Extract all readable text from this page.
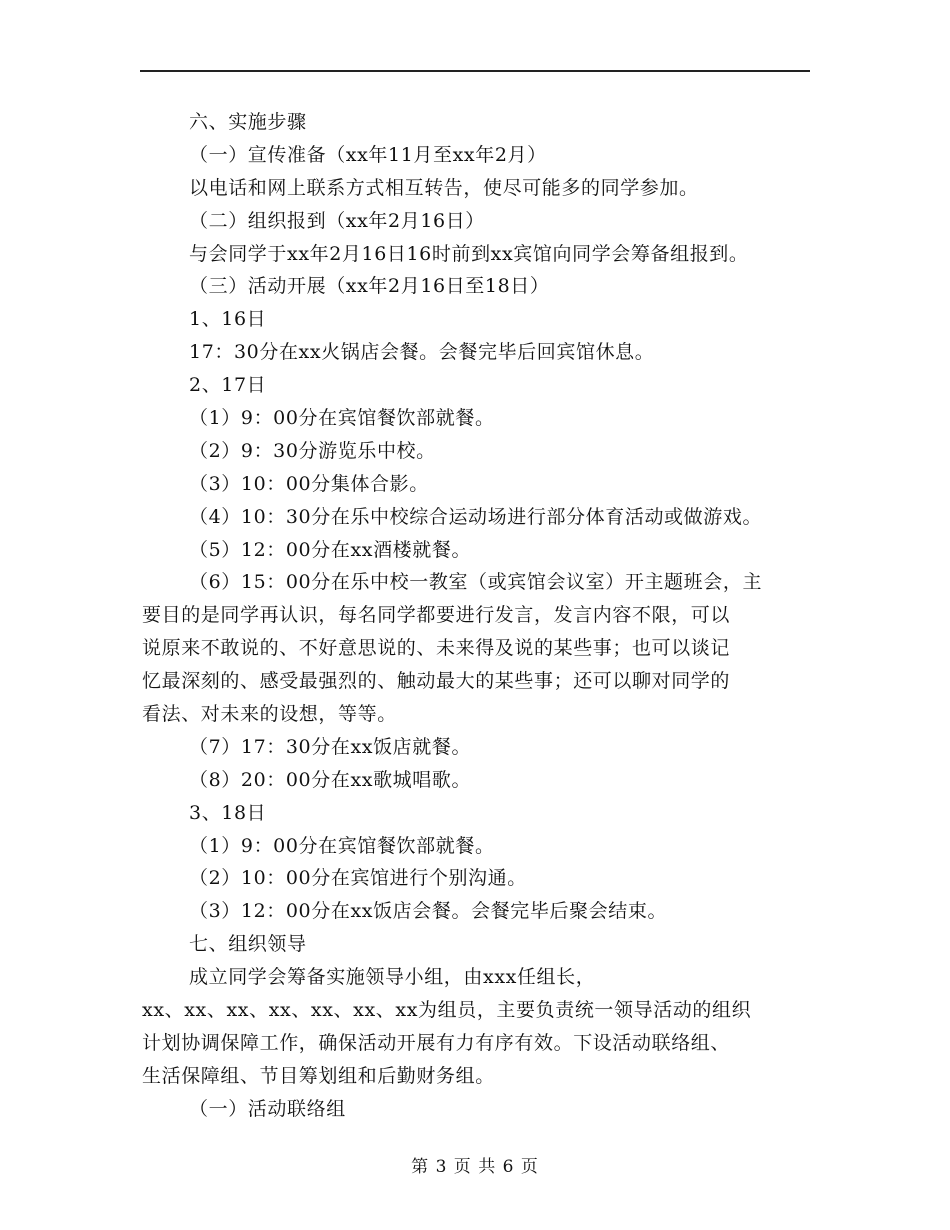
六、实施步骤
（一）宣传准备（xx年11月至xx年2月）
以电话和网上联系方式相互转告，使尽可能多的同学参加。
（二）组织报到（xx年2月16日）
与会同学于xx年2月16日16时前到xx宾馆向同学会筹备组报到。
（三）活动开展（xx年2月16日至18日）
1、16日
17：30分在xx火锅店会餐。会餐完毕后回宾馆休息。
2、17日
（1）9：00分在宾馆餐饮部就餐。
（2）9：30分游览乐中校。
（3）10：00分集体合影。
（4）10：30分在乐中校综合运动场进行部分体育活动或做游戏。
（5）12：00分在xx酒楼就餐。
（6）15：00分在乐中校一教室（或宾馆会议室）开主题班会，主
要目的是同学再认识，每名同学都要进行发言，发言内容不限，可以
说原来不敢说的、不好意思说的、未来得及说的某些事；也可以谈记
忆最深刻的、感受最强烈的、触动最大的某些事；还可以聊对同学的
看法、对未来的设想，等等。
（7）17：30分在xx饭店就餐。
（8）20：00分在xx歌城唱歌。
3、18日
（1）9：00分在宾馆餐饮部就餐。
（2）10：00分在宾馆进行个别沟通。
（3）12：00分在xx饭店会餐。会餐完毕后聚会结束。
七、组织领导
成立同学会筹备实施领导小组，由xxx任组长，
xx、xx、xx、xx、xx、xx、xx为组员，主要负责统一领导活动的组织
计划协调保障工作，确保活动开展有力有序有效。下设活动联络组、
生活保障组、节目筹划组和后勤财务组。
（一）活动联络组
第 3 页 共 6 页
